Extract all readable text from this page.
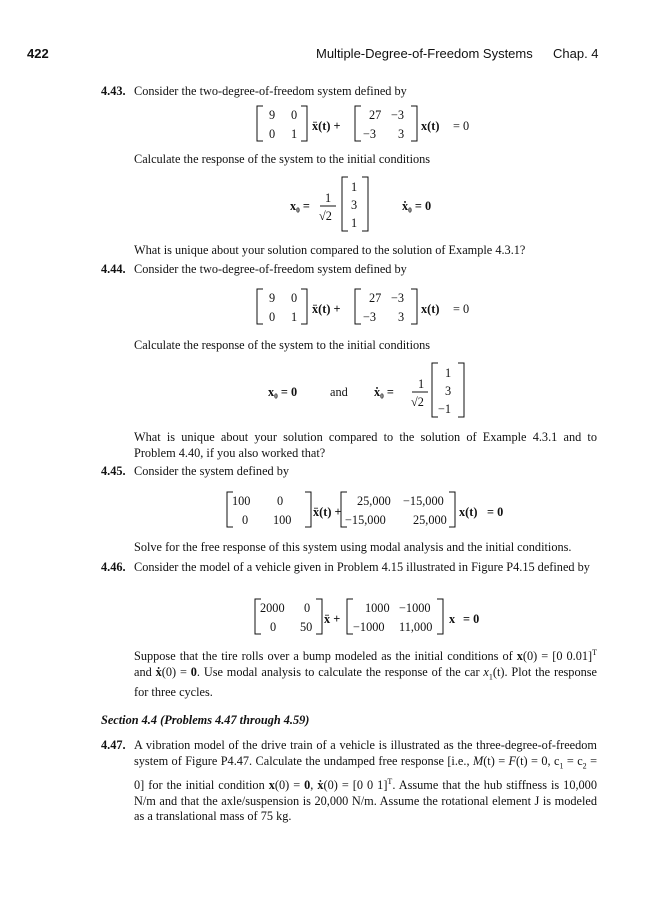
422	Multiple-Degree-of-Freedom Systems Chap. 4
4.43. Consider the two-degree-of-freedom system defined by
9 0
0 1
ẍ(t) +
27 −3
−3 3
x(t) = 0
Calculate the response of the system to the initial conditions
x₀ =
1
√2
1
3
1
ẋ₀ = 0
What is unique about your solution compared to the solution of Example 4.3.1?
4.44. Consider the two-degree-of-freedom system defined by
9 0
0 1
ẍ(t) +
27 −3
−3 3
x(t) = 0
Calculate the response of the system to the initial conditions
x₀ = 0	and ẋ₀ =
1
√2
1
3
−1
What is unique about your solution compared to the solution of Example 4.3.1 and to Problem 4.40, if you also worked that?
4.45. Consider the system defined by
100 0
0 100
ẍ(t) +
25,000 −15,000
−15,000 25,000
x(t) = 0
Solve for the free response of this system using modal analysis and the initial conditions.
4.46. Consider the model of a vehicle given in Problem 4.15 illustrated in Figure P4.15 defined by
2000 0
0 50
ẍ +
1000 −1000
−1000 11,000
x = 0
Suppose that the tire rolls over a bump modeled as the initial conditions of x(0) = [0 0.01]$^T$ and ẋ(0) = 0. Use modal analysis to calculate the response of the car $x_1(t)$. Plot the response for three cycles.
Section 4.4 (Problems 4.47 through 4.59)
4.47. A vibration model of the drive train of a vehicle is illustrated as the three-degree-of-freedom system of Figure P4.47. Calculate the undamped free response [i.e., M(t) = F(t) = 0, $c_1 = c_2 = 0$] for the initial condition x(0) = 0, ẋ(0) = [0 0 1]$^T$. Assume that the hub stiffness is 10,000 N/m and that the axle/suspension is 20,000 N/m. Assume the rotational element J is modeled as a translational mass of 75 kg.
